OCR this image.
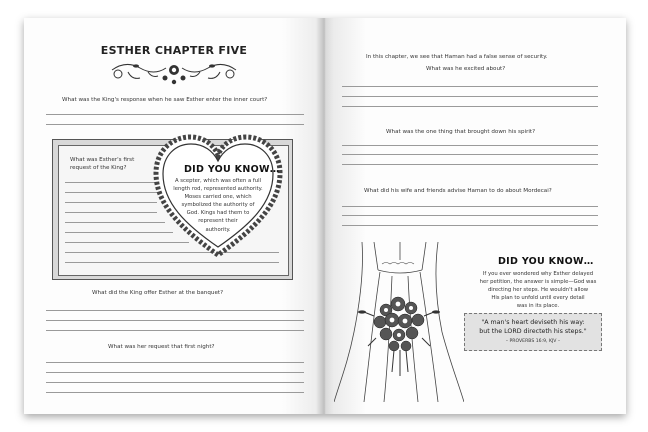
ESTHER CHAPTER FIVE
What was the King's response when he saw Esther enter the inner court?
What was Esther's first
request of the King?	DID YOU KNOW…
A scepter, which was often a full
length rod, represented authority.
Moses carried one, which
symbolized the authority of
God. Kings had them to
represent their
authority.
What did the King offer Esther at the banquet?
What was her request that first night?
In this chapter, we see that Haman had a false sense of security.
What was he excited about?
What was the one thing that brought down his spirit?
What did his wife and friends advise Haman to do about Mordecai?
DID YOU KNOW…
If you ever wondered why Esther delayed
her petition, the answer is simple—God was
directing her steps. He wouldn't allow
His plan to unfold until every detail
was in its place.
"A man's heart deviseth his way:
but the LORD directeth his steps."
– PROVERBS 16:9, KJV –
